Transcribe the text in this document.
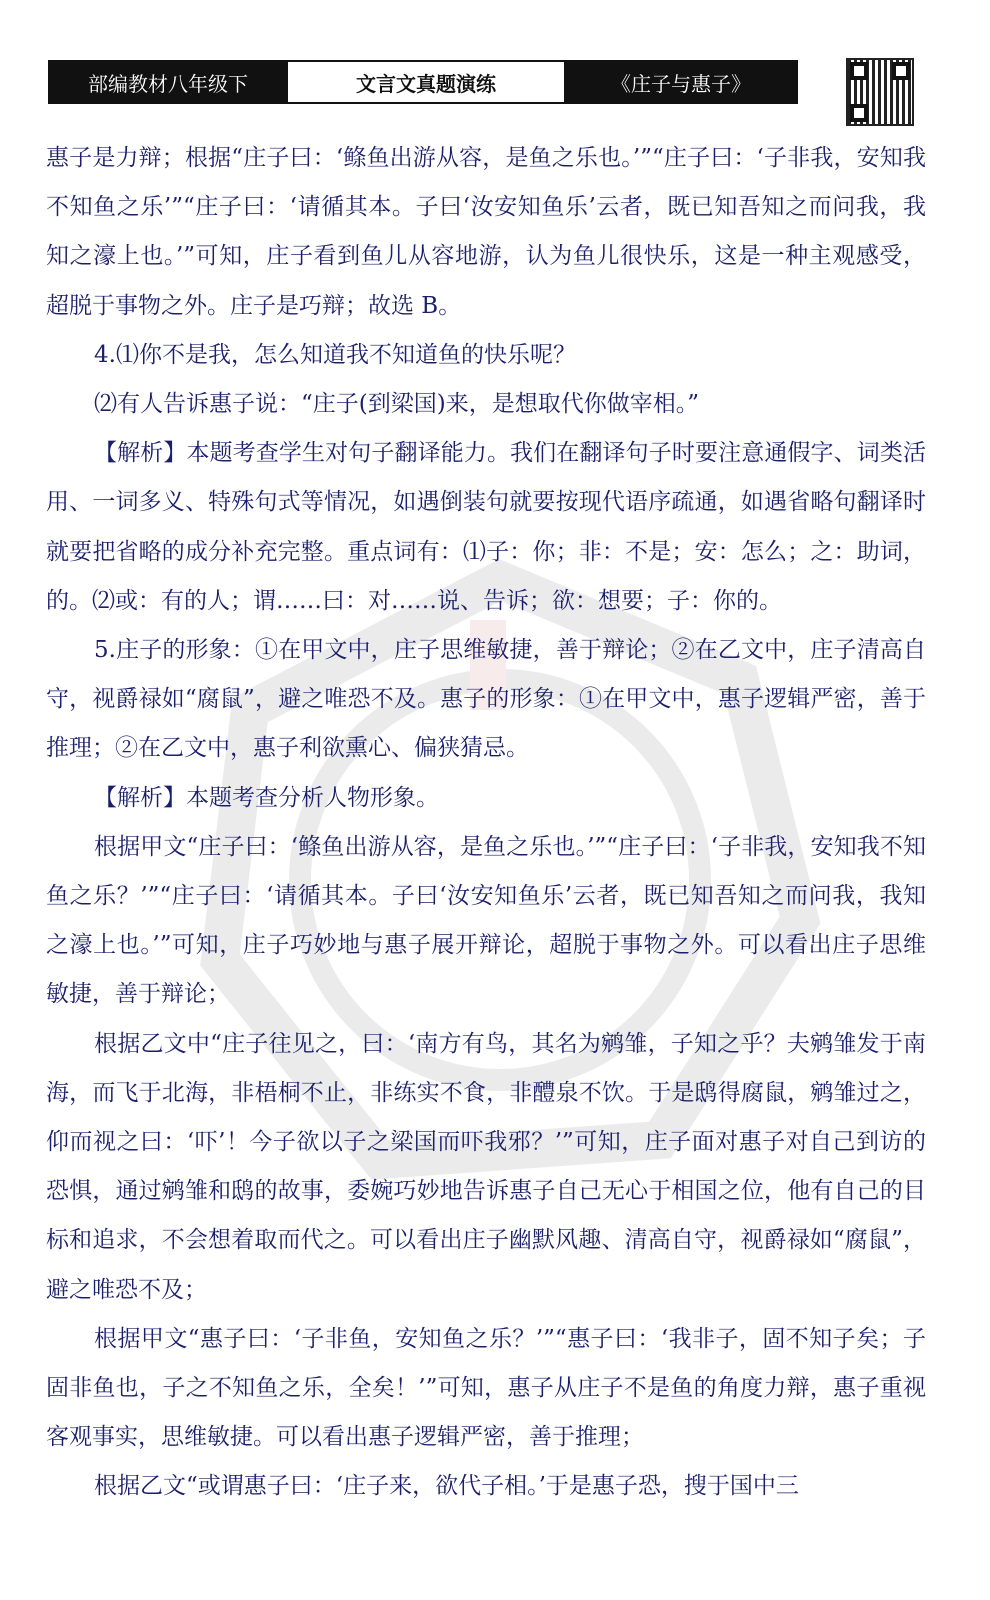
部编教材八年级下	文言文真题演练	《庄子与惠子》

惠子是力辩；根据“庄子曰：‘鲦鱼出游从容，是鱼之乐也。’”“庄子曰：‘子非我，安知我不知鱼之乐’”“庄子曰：‘请循其本。子曰‘汝安知鱼乐’云者，既已知吾知之而问我，我知之濠上也。’”可知，庄子看到鱼儿从容地游，认为鱼儿很快乐，这是一种主观感受，超脱于事物之外。庄子是巧辩；故选 B。

4.⑴你不是我，怎么知道我不知道鱼的快乐呢？

⑵有人告诉惠子说：“庄子(到梁国)来，是想取代你做宰相。”

【解析】本题考查学生对句子翻译能力。我们在翻译句子时要注意通假字、词类活用、一词多义、特殊句式等情况，如遇倒装句就要按现代语序疏通，如遇省略句翻译时就要把省略的成分补充完整。重点词有：⑴子：你；非：不是；安：怎么；之：助词，的。⑵或：有的人；谓……曰：对……说、告诉；欲：想要；子：你的。

5.庄子的形象：①在甲文中，庄子思维敏捷，善于辩论；②在乙文中，庄子清高自守，视爵禄如“腐鼠”，避之唯恐不及。惠子的形象：①在甲文中，惠子逻辑严密，善于推理；②在乙文中，惠子利欲熏心、偏狭猜忌。

【解析】本题考查分析人物形象。

根据甲文“庄子曰：‘鲦鱼出游从容，是鱼之乐也。’”“庄子曰：‘子非我，安知我不知鱼之乐？’”“庄子曰：‘请循其本。子曰‘汝安知鱼乐’云者，既已知吾知之而问我，我知之濠上也。’”可知，庄子巧妙地与惠子展开辩论，超脱于事物之外。可以看出庄子思维敏捷，善于辩论；

根据乙文中“庄子往见之，曰：‘南方有鸟，其名为鹓雏，子知之乎？夫鹓雏发于南海，而飞于北海，非梧桐不止，非练实不食，非醴泉不饮。于是鸱得腐鼠，鹓雏过之，仰而视之曰：‘吓’！今子欲以子之梁国而吓我邪？’”可知，庄子面对惠子对自己到访的恐惧，通过鹓雏和鸱的故事，委婉巧妙地告诉惠子自己无心于相国之位，他有自己的目标和追求，不会想着取而代之。可以看出庄子幽默风趣、清高自守，视爵禄如“腐鼠”，避之唯恐不及；

根据甲文“惠子曰：‘子非鱼，安知鱼之乐？’”“惠子曰：‘我非子，固不知子矣；子固非鱼也，子之不知鱼之乐，全矣！’”可知，惠子从庄子不是鱼的角度力辩，惠子重视客观事实，思维敏捷。可以看出惠子逻辑严密，善于推理；

根据乙文“或谓惠子曰：‘庄子来，欲代子相。’于是惠子恐，搜于国中三
